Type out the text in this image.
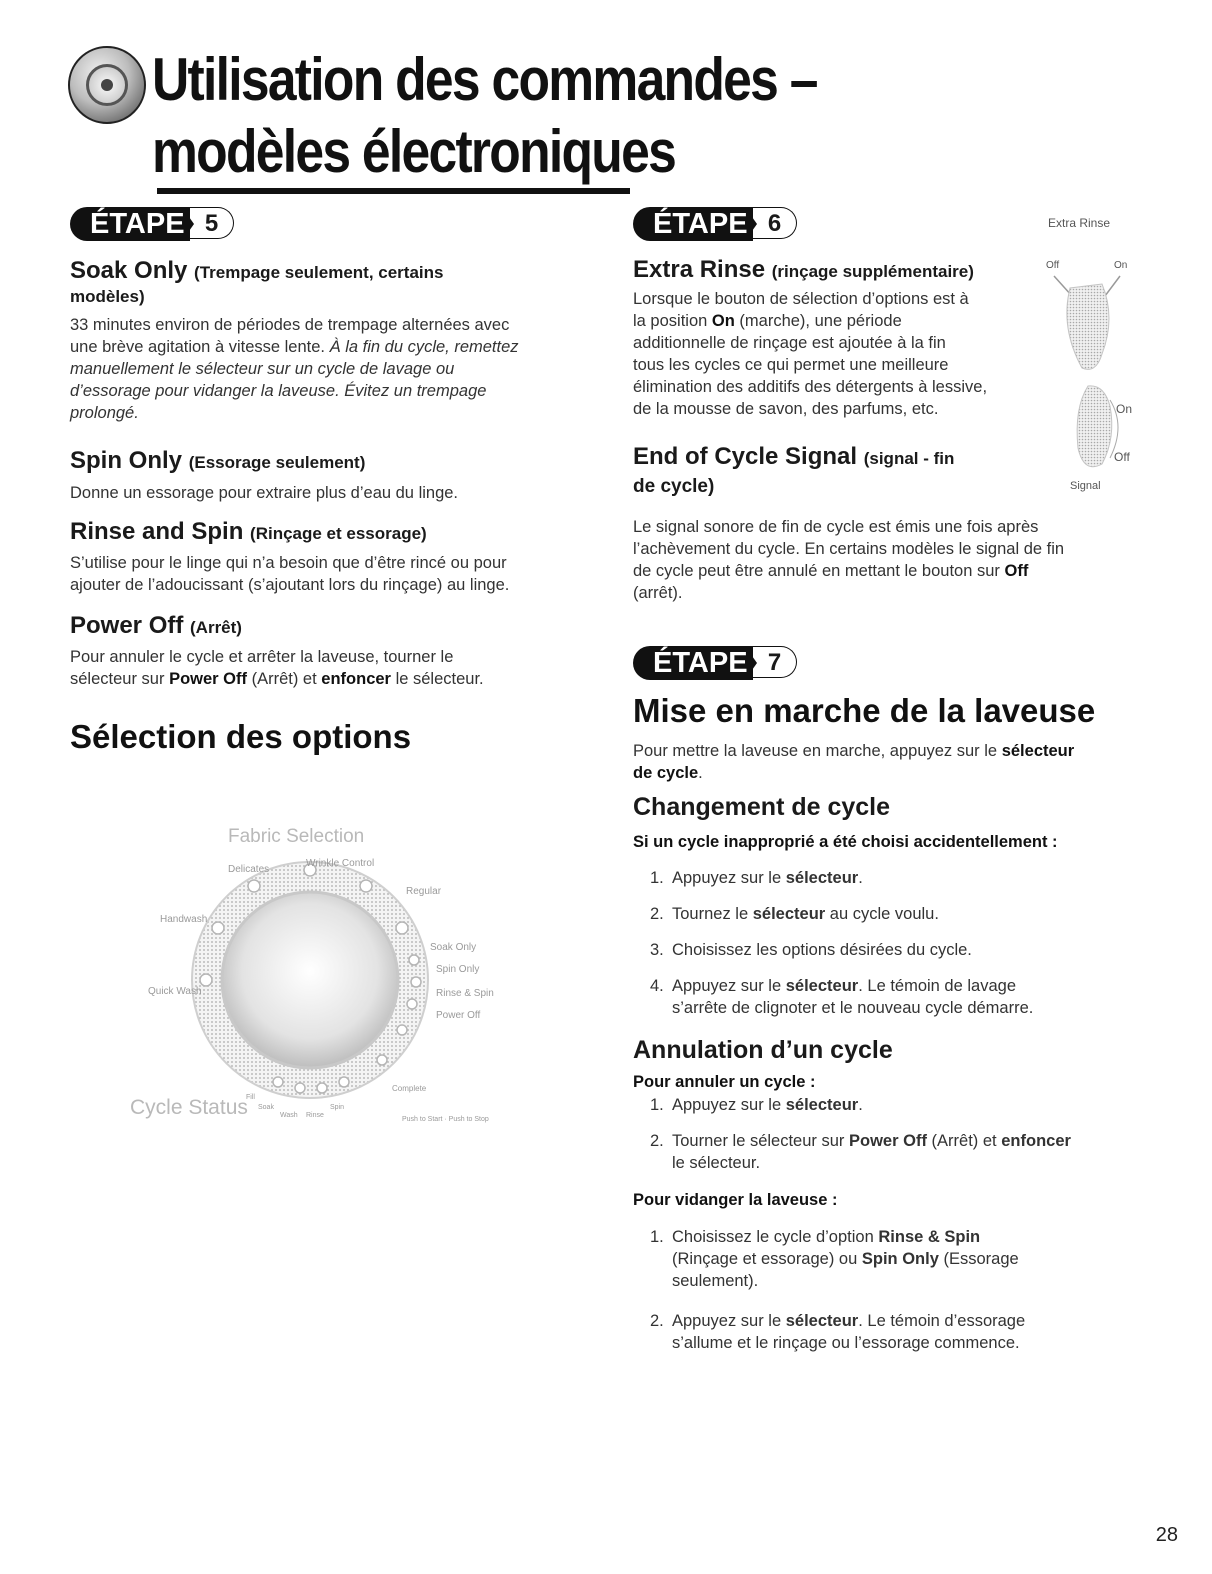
Utilisation des commandes –
modèles électroniques
ÉTAPE 5
Soak Only (Trempage seulement, certains
modèles)
33 minutes environ de périodes de trempage alternées avec
une brève agitation à vitesse lente. À la fin du cycle, remettez
manuellement le sélecteur sur un cycle de lavage ou
d’essorage pour vidanger la laveuse. Évitez un trempage
prolongé.
Spin Only (Essorage seulement)
Donne un essorage pour extraire plus d’eau du linge.
Rinse and Spin (Rinçage et essorage)
S’utilise pour le linge qui n’a besoin que d’être rincé ou pour
ajouter de l’adoucissant (s’ajoutant lors du rinçage) au linge.
Power Off (Arrêt)
Pour annuler le cycle et arrêter la laveuse, tourner le
sélecteur sur Power Off (Arrêt) et enfoncer le sélecteur.
Sélection des options
Fabric Selection
Cycle Status
Delicates
Wrinkle Control
Regular
Handwash
Soak Only
Spin Only
Quick Wash	Rinse & Spin
Power Off
Wash Rinse
Spin
Soak
Fill
Complete
Push to Start · Push to Stop
ÉTAPE 6	Extra Rinse
Extra Rinse (rinçage supplémentaire)
Lorsque le bouton de sélection d’options est à
la position On (marche), une période
additionnelle de rinçage est ajoutée à la fin
tous les cycles ce qui permet une meilleure
élimination des additifs des détergents à lessive,
de la mousse de savon, des parfums, etc.
Off	On
On
Off
Signal
End of Cycle Signal (signal - fin
de cycle)
Le signal sonore de fin de cycle est émis une fois après
l’achèvement du cycle. En certains modèles le signal de fin
de cycle peut être annulé en mettant le bouton sur Off
(arrêt).
ÉTAPE 7
Mise en marche de la laveuse
Pour mettre la laveuse en marche, appuyez sur le sélecteur
de cycle.
Changement de cycle
Si un cycle inapproprié a été choisi accidentellement :
1. Appuyez sur le sélecteur.
2. Tournez le sélecteur au cycle voulu.
3. Choisissez les options désirées du cycle.
4. Appuyez sur le sélecteur. Le témoin de lavage
s’arrête de clignoter et le nouveau cycle démarre.
Annulation d’un cycle
Pour annuler un cycle :
1. Appuyez sur le sélecteur.
2. Tourner le sélecteur sur Power Off (Arrêt) et enfoncer
le sélecteur.
Pour vidanger la laveuse :
1. Choisissez le cycle d’option Rinse & Spin
(Rinçage et essorage) ou Spin Only (Essorage
seulement).
2. Appuyez sur le sélecteur. Le témoin d’essorage
s’allume et le rinçage ou l’essorage commence.
28
